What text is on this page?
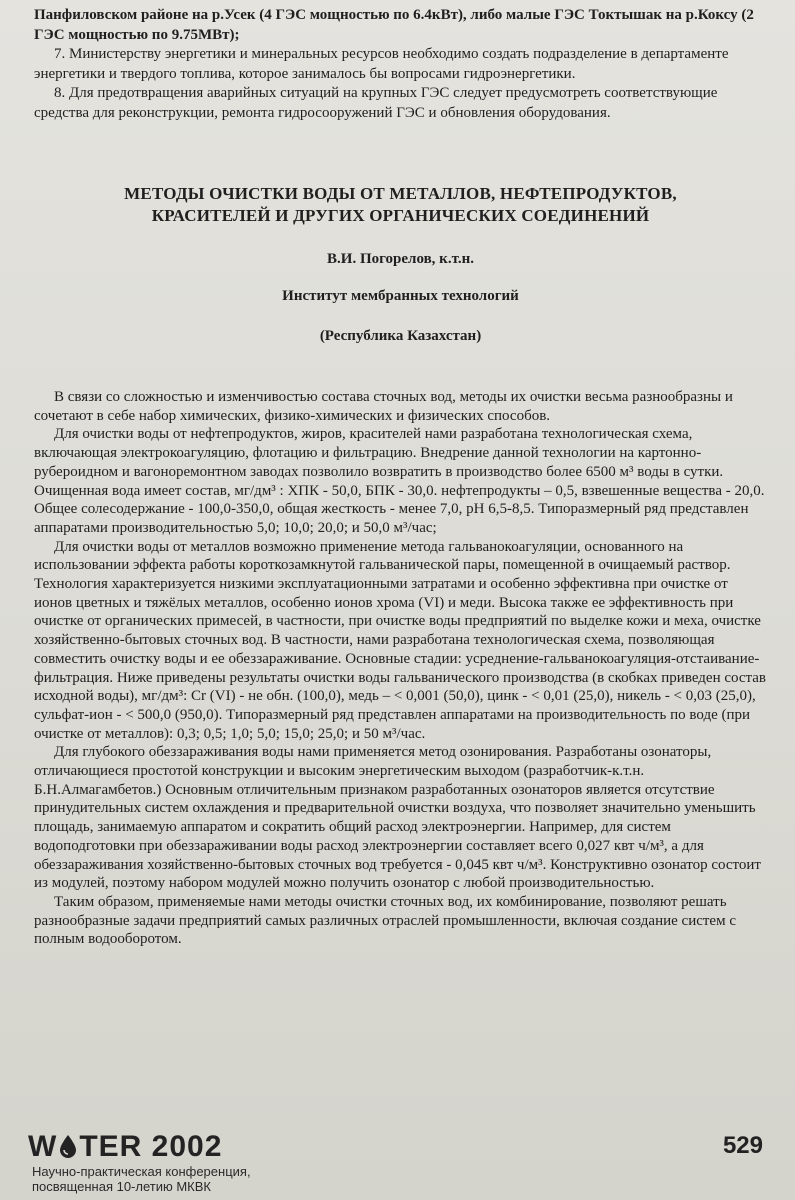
Панфиловском районе на р.Усек (4 ГЭС мощностью по 6.4кВт), либо малые ГЭС Токтышак на р.Коксу (2 ГЭС мощностью по 9.75МВт);

7. Министерству энергетики и минеральных ресурсов необходимо создать подразделение в департаменте энергетики и твердого топлива, которое занималось бы вопросами гидроэнергетики.

8. Для предотвращения аварийных ситуаций на крупных ГЭС следует предусмотреть соответствующие средства для реконструкции, ремонта гидросооружений ГЭС и обновления оборудования.

МЕТОДЫ ОЧИСТКИ ВОДЫ ОТ МЕТАЛЛОВ, НЕФТЕПРОДУКТОВ,
КРАСИТЕЛЕЙ И ДРУГИХ ОРГАНИЧЕСКИХ СОЕДИНЕНИЙ

В.И. Погорелов, к.т.н.

Институт мембранных технологий

(Республика Казахстан)

В связи со сложностью и изменчивостью состава сточных вод, методы их очистки весьма разнообразны и сочетают в себе набор химических, физико-химических и физических способов.

Для очистки воды от нефтепродуктов, жиров, красителей нами разработана технологическая схема, включающая электрокоагуляцию, флотацию и фильтрацию. Внедрение данной технологии на картонно-рубероидном и вагоноремонтном заводах позволило возвратить в производство более 6500 м³ воды в сутки. Очищенная вода имеет состав, мг/дм³ : ХПК - 50,0, БПК - 30,0. нефтепродукты – 0,5, взвешенные вещества - 20,0. Общее солесодержание - 100,0-350,0, общая жесткость - менее 7,0, pH 6,5-8,5. Типоразмерный ряд представлен аппаратами производительностью 5,0; 10,0; 20,0; и 50,0 м³/час;

Для очистки воды от металлов возможно применение метода гальванокоагуляции, основанного на использовании эффекта работы короткозамкнутой гальванической пары, помещенной в очищаемый раствор. Технология характеризуется низкими эксплуатационными затратами и особенно эффективна при очистке от ионов цветных и тяжёлых металлов, особенно ионов хрома (VI) и меди. Высока также ее эффективность при очистке от органических примесей, в частности, при очистке воды предприятий по выделке кожи и меха, очистке хозяйственно-бытовых сточных вод. В частности, нами разработана технологическая схема, позволяющая совместить очистку воды и ее обеззараживание. Основные стадии: усреднение-гальванокоагуляция-отстаивание-фильтрация. Ниже приведены результаты очистки воды гальванического производства (в скобках приведен состав исходной воды), мг/дм³: Cr (VI) - не обн. (100,0), медь – < 0,001 (50,0), цинк - < 0,01 (25,0), никель - < 0,03 (25,0), сульфат-ион - < 500,0 (950,0). Типоразмерный ряд представлен аппаратами на производительность по воде (при очистке от металлов): 0,3; 0,5; 1,0; 5,0; 15,0; 25,0; и 50 м³/час.

Для глубокого обеззараживания воды нами применяется метод озонирования. Разработаны озонаторы, отличающиеся простотой конструкции и высоким энергетическим выходом (разработчик-к.т.н. Б.Н.Алмагамбетов.) Основным отличительным признаком разработанных озонаторов является отсутствие принудительных систем охлаждения и предварительной очистки воздуха, что позволяет значительно уменьшить площадь, занимаемую аппаратом и сократить общий расход электроэнергии. Например, для систем водоподготовки при обеззараживании воды расход электроэнергии составляет всего 0,027 квт ч/м³, а для обеззараживания хозяйственно-бытовых сточных вод требуется - 0,045 квт ч/м³. Конструктивно озонатор состоит из модулей, поэтому набором модулей можно получить озонатор с любой производительностью.

Таким образом, применяемые нами методы очистки сточных вод, их комбинирование, позволяют решать разнообразные задачи предприятий самых различных отраслей промышленности, включая создание систем с полным водооборотом.

W TER 2002
Научно-практическая конференция,
посвященная 10-летию МКВК
529
